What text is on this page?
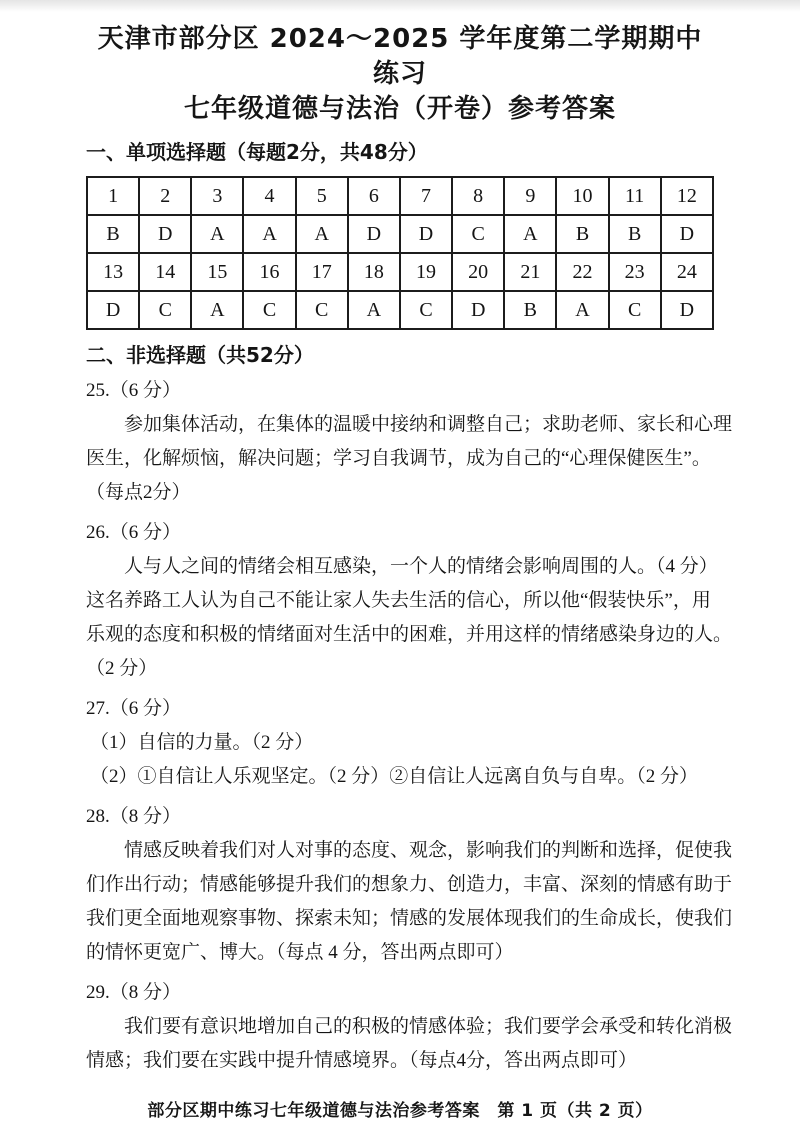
天津市部分区 2024～2025 学年度第二学期期中练习
七年级道德与法治（开卷）参考答案
一、单项选择题（每题2分，共48分）
1	2	3	4	5	6	7	8	9	10	11	12
B	D	A	A	A	D	D	C	A	B	B	D
13	14	15	16	17	18	19	20	21	22	23	24
D	C	A	C	C	A	C	D	B	A	C	D
二、非选择题（共52分）
25.（6 分）
参加集体活动，在集体的温暖中接纳和调整自己；求助老师、家长和心理
医生，化解烦恼，解决问题；学习自我调节，成为自己的“心理保健医生”。
（每点2分）
26.（6 分）
人与人之间的情绪会相互感染，一个人的情绪会影响周围的人。（4 分）
这名养路工人认为自己不能让家人失去生活的信心，所以他“假装快乐”，用
乐观的态度和积极的情绪面对生活中的困难，并用这样的情绪感染身边的人。
（2 分）
27.（6 分）
（1）自信的力量。（2 分）
（2）①自信让人乐观坚定。（2 分）②自信让人远离自负与自卑。（2 分）
28.（8 分）
情感反映着我们对人对事的态度、观念，影响我们的判断和选择，促使我
们作出行动；情感能够提升我们的想象力、创造力，丰富、深刻的情感有助于
我们更全面地观察事物、探索未知；情感的发展体现我们的生命成长，使我们
的情怀更宽广、博大。（每点 4 分，答出两点即可）
29.（8 分）
我们要有意识地增加自己的积极的情感体验；我们要学会承受和转化消极
情感；我们要在实践中提升情感境界。（每点4分，答出两点即可）
部分区期中练习七年级道德与法治参考答案　第 1 页（共 2 页）
